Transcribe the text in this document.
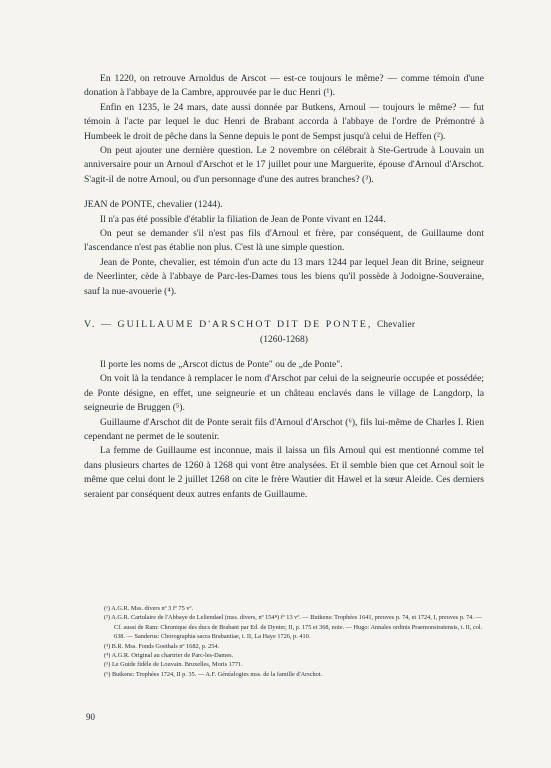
En 1220, on retrouve Arnoldus de Arscot — est-ce toujours le même? — comme témoin d'une donation à l'abbaye de la Cambre, approuvée par le duc Henri (¹).

Enfin en 1235, le 24 mars, date aussi donnée par Butkens, Arnoul — toujours le même? — fut témoin à l'acte par lequel le duc Henri de Brabant accorda à l'abbaye de l'ordre de Prémontré à Humbeek le droit de pêche dans la Senne depuis le pont de Sempst jusqu'à celui de Heffen (²).

On peut ajouter une dernière question. Le 2 novembre on célébrait à Ste-Gertrude à Louvain un anniversaire pour un Arnoul d'Arschot et le 17 juillet pour une Marguerite, épouse d'Arnoul d'Arschot. S'agit-il de notre Arnoul, ou d'un personnage d'une des autres branches? (³).

JEAN de PONTE, chevalier (1244).

Il n'a pas été possible d'établir la filiation de Jean de Ponte vivant en 1244.

On peut se demander s'il n'est pas fils d'Arnoul et frère, par conséquent, de Guillaume dont l'ascendance n'est pas établie non plus. C'est là une simple question.

Jean de Ponte, chevalier, est témoin d'un acte du 13 mars 1244 par lequel Jean dit Brine, seigneur de Neerlinter, cède à l'abbaye de Parc-les-Dames tous les biens qu'il possède à Jodoigne-Souveraine, sauf la nue-avouerie (⁴).

V. — GUILLAUME D'ARSCHOT DIT DE PONTE, Chevalier

(1260-1268)

Il porte les noms de „Arscot dictus de Ponte" ou de „de Ponte".

On voit là la tendance à remplacer le nom d'Arschot par celui de la seigneurie occupée et possédée; de Ponte désigne, en effet, une seigneurie et un château enclavés dans le village de Langdorp, la seigneurie de Bruggen (⁵).

Guillaume d'Arschot dit de Ponte serait fils d'Arnoul d'Arschot (⁶), fils lui-même de Charles I. Rien cependant ne permet de le soutenir.

La femme de Guillaume est inconnue, mais il laissa un fils Arnoul qui est mentionné comme tel dans plusieurs chartes de 1260 à 1268 qui vont être analysées. Et il semble bien que cet Arnoul soit le même que celui dont le 2 juillet 1268 on cite le frère Wautier dit Hawel et la sœur Aleide. Ces derniers seraient par conséquent deux autres enfants de Guillaume.

(¹) A.G.R. Mss. divers nº 3 fº 75 vº.

(²) A.G.R. Cartulaire de l'Abbaye de Leliendael (mss. divers, nº 154ᴮ) fº 13 vº. — Butkens: Trophées 1641, preuves p. 74, et 1724, I, preuves p. 74. — Cf. aussi de Ram: Chronique des ducs de Brabant par Ed. de Dynter, II, p. 175 et 368, note. — Hugo: Annales ordinis Praemonstratensis, t. II, col. 638. — Sanderus: Chorographia sacra Brabantiae, t. II, La Haye 1726, p. 410.

(³) B.R. Mss. Fonds Goethals nº 1682, p. 254.

(⁴) A.G.R. Original au chartrier de Parc-les-Dames.

(⁵) Le Guide fidèle de Louvain. Bruxelles, Moris 1771.

(⁶) Butkens: Trophées 1724, II p. 35. — A.F. Généalogies mss. de la famille d'Arschot.

90
